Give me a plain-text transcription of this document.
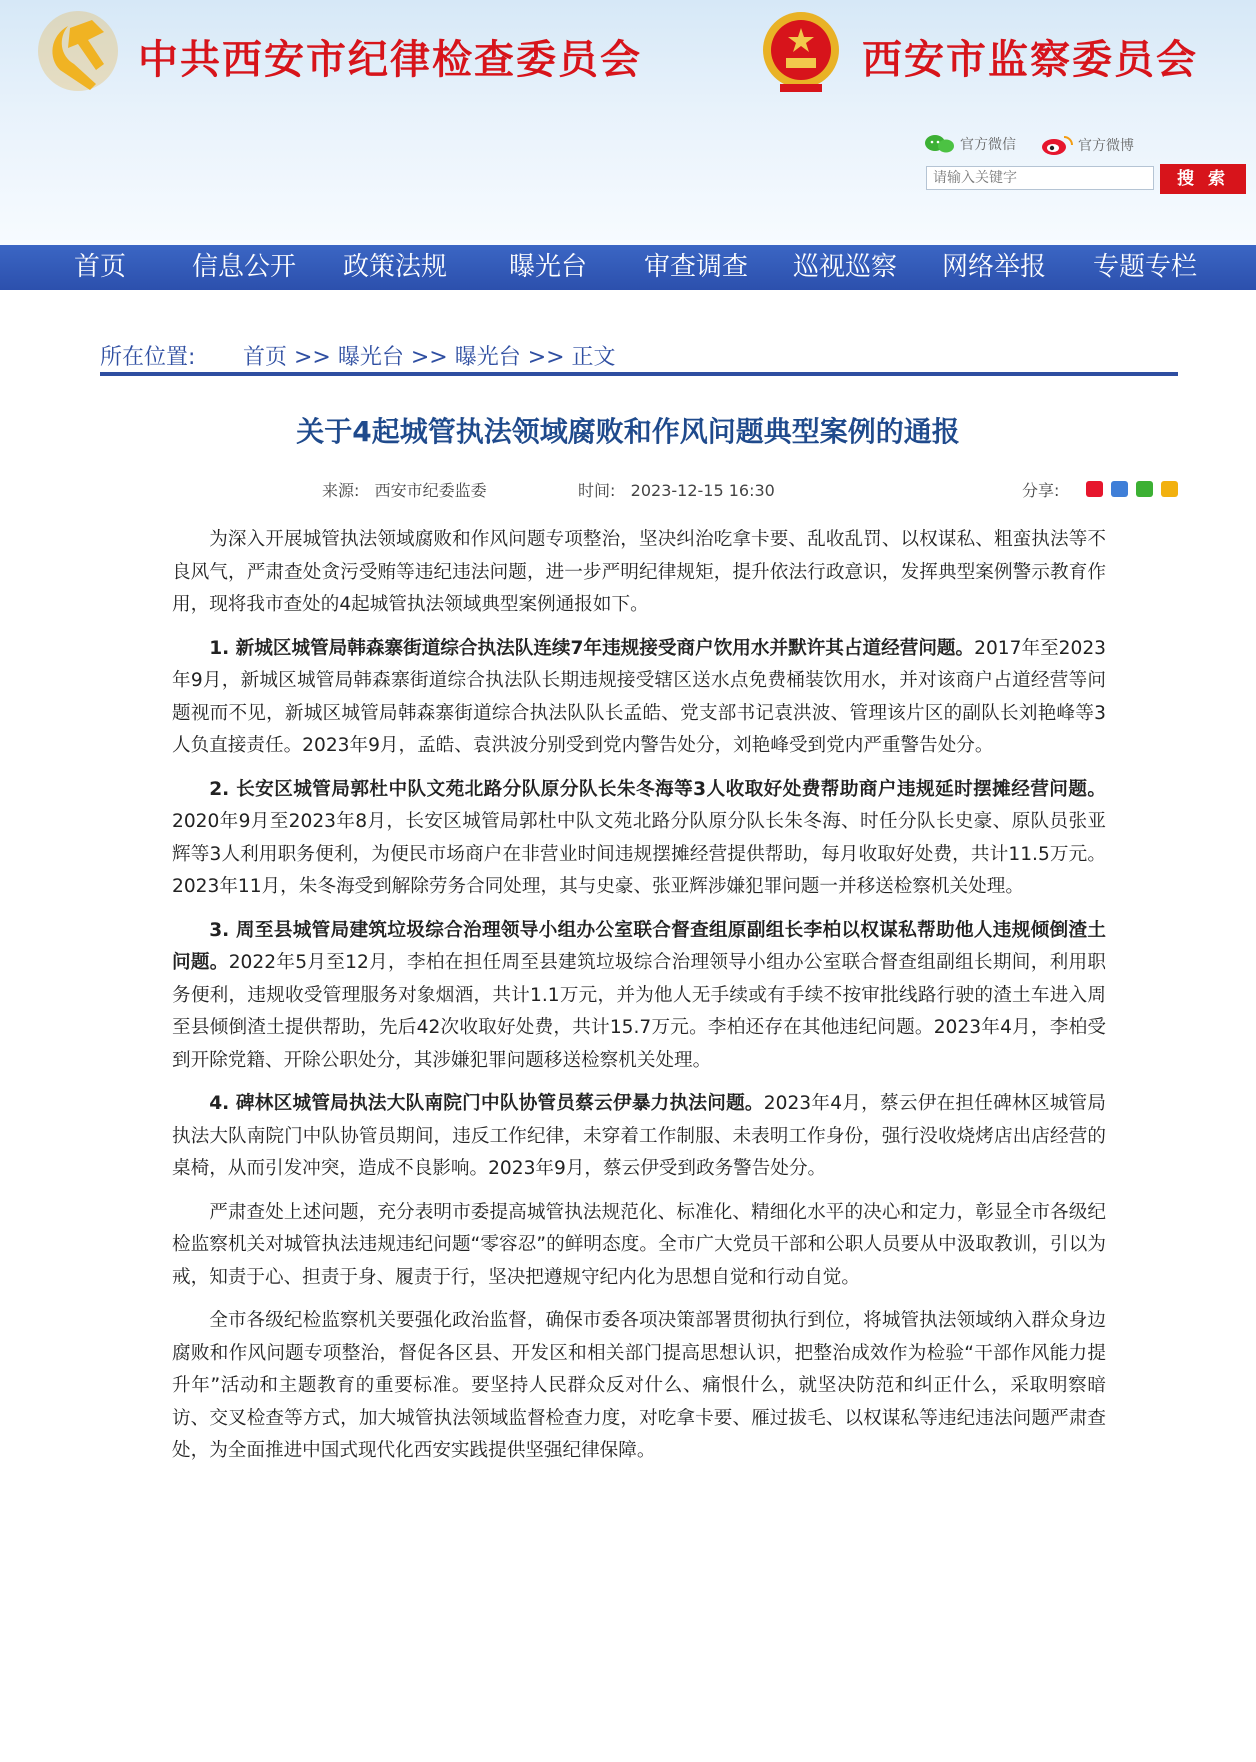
中共西安市纪律检查委员会	西安市监察委员会
官方微信	官方微博
请输入关键字	搜 索
首页	信息公开 政策法规 曝光台 审查调查 巡视巡察 网络举报 专题专栏
所在位置: 首页 >> 曝光台 >> 曝光台 >> 正文
关于4起城管执法领域腐败和作风问题典型案例的通报
来源: 西安市纪委监委	时间: 2023-12-15 16:30	分享:

为深入开展城管执法领域腐败和作风问题专项整治，坚决纠治吃拿卡要、乱收乱罚、以权谋私、粗蛮执法等不良风气，严肃查处贪污受贿等违纪违法问题，进一步严明纪律规矩，提升依法行政意识，发挥典型案例警示教育作用，现将我市查处的4起城管执法领域典型案例通报如下。

1. 新城区城管局韩森寨街道综合执法队连续7年违规接受商户饮用水并默许其占道经营问题。2017年至2023年9月，新城区城管局韩森寨街道综合执法队长期违规接受辖区送水点免费桶装饮用水，并对该商户占道经营等问题视而不见，新城区城管局韩森寨街道综合执法队队长孟皓、党支部书记袁洪波、管理该片区的副队长刘艳峰等3人负直接责任。2023年9月，孟皓、袁洪波分别受到党内警告处分，刘艳峰受到党内严重警告处分。

2. 长安区城管局郭杜中队文苑北路分队原分队长朱冬海等3人收取好处费帮助商户违规延时摆摊经营问题。2020年9月至2023年8月，长安区城管局郭杜中队文苑北路分队原分队长朱冬海、时任分队长史豪、原队员张亚辉等3人利用职务便利，为便民市场商户在非营业时间违规摆摊经营提供帮助，每月收取好处费，共计11.5万元。2023年11月，朱冬海受到解除劳务合同处理，其与史豪、张亚辉涉嫌犯罪问题一并移送检察机关处理。

3. 周至县城管局建筑垃圾综合治理领导小组办公室联合督查组原副组长李柏以权谋私帮助他人违规倾倒渣土问题。2022年5月至12月，李柏在担任周至县建筑垃圾综合治理领导小组办公室联合督查组副组长期间，利用职务便利，违规收受管理服务对象烟酒，共计1.1万元，并为他人无手续或有手续不按审批线路行驶的渣土车进入周至县倾倒渣土提供帮助，先后42次收取好处费，共计15.7万元。李柏还存在其他违纪问题。2023年4月，李柏受到开除党籍、开除公职处分，其涉嫌犯罪问题移送检察机关处理。

4. 碑林区城管局执法大队南院门中队协管员蔡云伊暴力执法问题。2023年4月，蔡云伊在担任碑林区城管局执法大队南院门中队协管员期间，违反工作纪律，未穿着工作制服、未表明工作身份，强行没收烧烤店出店经营的桌椅，从而引发冲突，造成不良影响。2023年9月，蔡云伊受到政务警告处分。

严肃查处上述问题，充分表明市委提高城管执法规范化、标准化、精细化水平的决心和定力，彰显全市各级纪检监察机关对城管执法违规违纪问题“零容忍”的鲜明态度。全市广大党员干部和公职人员要从中汲取教训，引以为戒，知责于心、担责于身、履责于行，坚决把遵规守纪内化为思想自觉和行动自觉。

全市各级纪检监察机关要强化政治监督，确保市委各项决策部署贯彻执行到位，将城管执法领域纳入群众身边腐败和作风问题专项整治，督促各区县、开发区和相关部门提高思想认识，把整治成效作为检验“干部作风能力提升年”活动和主题教育的重要标准。要坚持人民群众反对什么、痛恨什么，就坚决防范和纠正什么，采取明察暗访、交叉检查等方式，加大城管执法领域监督检查力度，对吃拿卡要、雁过拔毛、以权谋私等违纪违法问题严肃查处，为全面推进中国式现代化西安实践提供坚强纪律保障。
